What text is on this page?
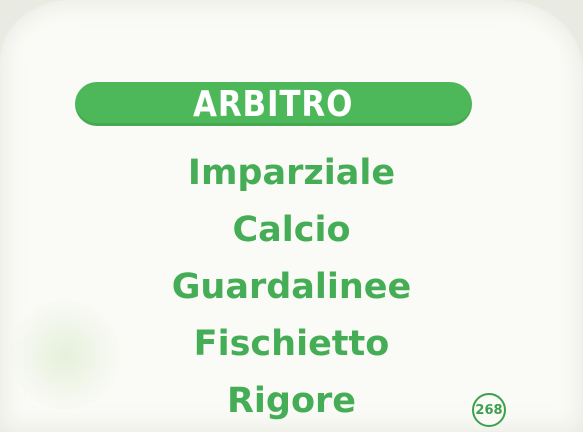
ARBITRO
Imparziale
Calcio
Guardalinee
Fischietto
Rigore	268
